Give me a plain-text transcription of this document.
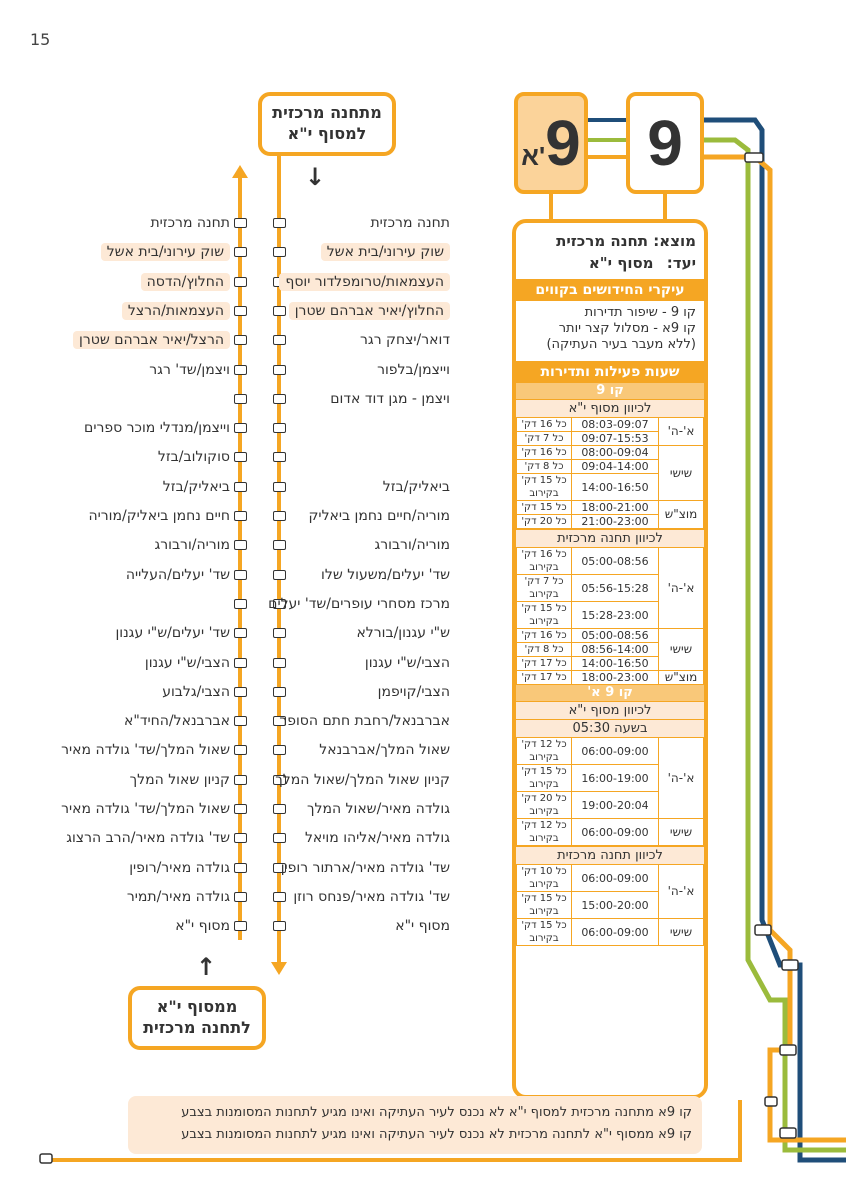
15
א' 9 9
מתחנה מרכזית
למסוף י"א
↓
ממסוף י"א
לתחנה מרכזית
↑
תחנה מרכזית
שוק עירוני/בית אשל
העצמאות/טרומפלדור יוסף
החלוץ/יאיר אברהם שטרן
דואר/יצחק רגר
וייצמן/בלפור
ויצמן - מגן דוד אדום
ביאליק/בזל
מוריה/חיים נחמן ביאליק
מוריה/ורבורג
שד' יעלים/משעול שלו
מרכז מסחרי עופרים/שד' יעלים
ש"י עגנון/בורלא
הצבי/ש"י עגנון
הצבי/קויפמן
אברבנאל/רחבת חתם הסופר
שאול המלך/אברבנאל
קניון שאול המלך/שאול המלך
גולדה מאיר/שאול המלך
גולדה מאיר/אליהו מויאל
שד' גולדה מאיר/ארתור רופין
שד' גולדה מאיר/פנחס רוזן
מסוף י"א
תחנה מרכזית
שוק עירוני/בית אשל
החלוץ/הדסה
העצמאות/הרצל
הרצל/יאיר אברהם שטרן
ויצמן/שד' רגר
וייצמן/מנדלי מוכר ספרים
סוקולוב/בזל
ביאליק/בזל
חיים נחמן ביאליק/מוריה
מוריה/ורבורג
שד' יעלים/העלייה
שד' יעלים/ש"י עגנון
הצבי/ש"י עגנון
הצבי/גלבוע
אברבנאל/החיד"א
שאול המלך/שד' גולדה מאיר
קניון שאול המלך
שאול המלך/שד' גולדה מאיר
שד' גולדה מאיר/הרב הרצוג
גולדה מאיר/רופין
גולדה מאיר/תמיר
מסוף י"א
מוצא: תחנה מרכזית
יעד: מסוף י"א
עיקרי החידושים בקווים
קו 9 - שיפור תדירות
קו 9א - מסלול קצר יותר
(ללא מעבר בעיר העתיקה)
שעות פעילות ותדירות
קו 9
לכיוון מסוף י"א
א'-ה'	08:03-09:07	כל 16 דק'
	09:07-15:53	כל 7 דק'
שישי	08:00-09:04	כל 16 דק'
	09:04-14:00	כל 8 דק'
	14:00-16:50	כל 15 דק' בקירוב
מוצ"ש	18:00-21:00	כל 15 דק'
	21:00-23:00	כל 20 דק'
לכיוון תחנה מרכזית
א'-ה'	05:00-08:56	כל 16 דק' בקירוב
	05:56-15:28	כל 7 דק' בקירוב
	15:28-23:00	כל 15 דק' בקירוב
שישי	05:00-08:56	כל 16 דק'
	08:56-14:00	כל 8 דק'
	14:00-16:50	כל 17 דק'
מוצ"ש	18:00-23:00	כל 17 דק'
קו 9 א'
לכיוון מסוף י"א
בשעה 05:30
א'-ה'	06:00-09:00	כל 12 דק' בקירוב
	16:00-19:00	כל 15 דק' בקירוב
	19:00-20:04	כל 20 דק' בקירוב
שישי	06:00-09:00	כל 12 דק' בקירוב
לכיוון תחנה מרכזית
א'-ה'	06:00-09:00	כל 10 דק' בקירוב
	15:00-20:00	כל 15 דק' בקירוב
שישי	06:00-09:00	כל 15 דק' בקירוב
קו 9א מתחנה מרכזית למסוף י"א לא נכנס לעיר העתיקה ואינו מגיע לתחנות המסומנות בצבע
קו 9א ממסוף י"א לתחנה מרכזית לא נכנס לעיר העתיקה ואינו מגיע לתחנות המסומנות בצבע
